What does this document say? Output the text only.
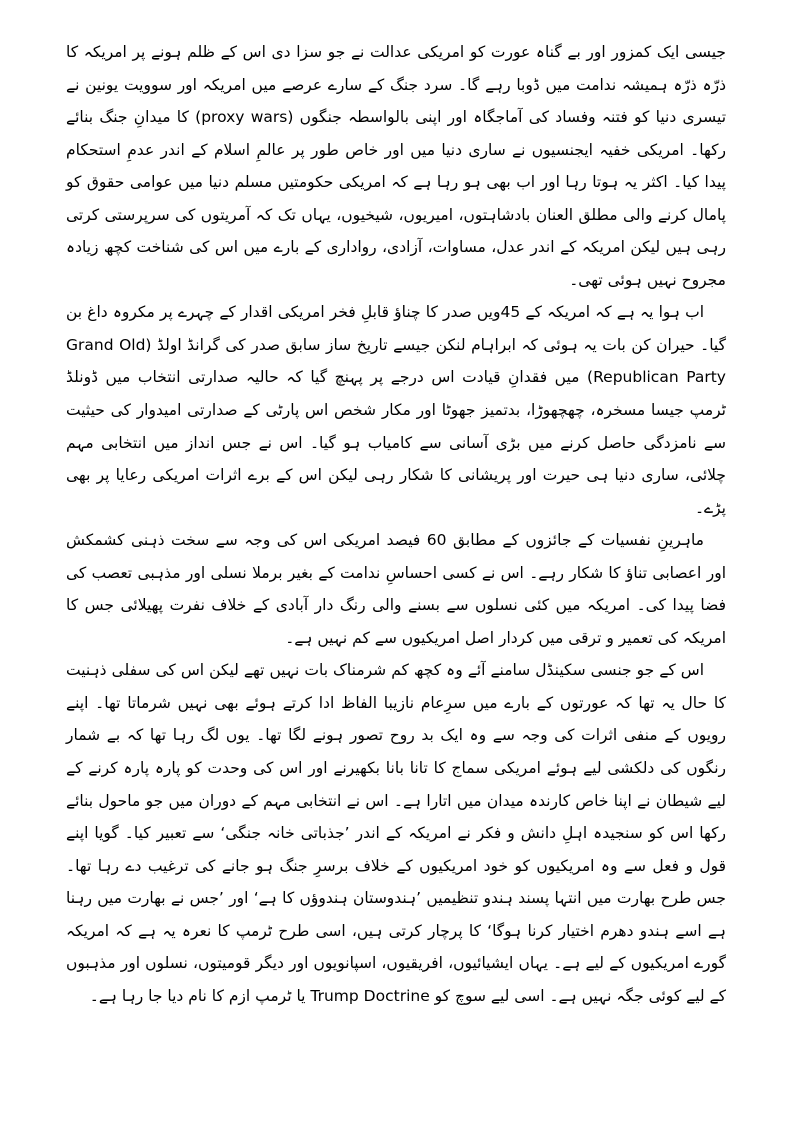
جیسی ایک کمزور اور بے گناہ عورت کو امریکی عدالت نے جو سزا دی اس کے ظلم ہونے پر امریکہ کا ذرّہ ذرّہ ہمیشہ ندامت میں ڈوبا رہے گا۔ سرد جنگ کے سارے عرصے میں امریکہ اور سوویت یونین نے تیسری دنیا کو فتنہ وفساد کی آماجگاہ اور اپنی بالواسطہ جنگوں (proxy wars) کا میدانِ جنگ بنائے رکھا۔ امریکی خفیہ ایجنسیوں نے ساری دنیا میں اور خاص طور پر عالمِ اسلام کے اندر عدمِ استحکام پیدا کیا۔ اکثر یہ ہوتا رہا اور اب بھی ہو رہا ہے کہ امریکی حکومتیں مسلم دنیا میں عوامی حقوق کو پامال کرنے والی مطلق العنان بادشاہتوں، امیریوں، شیخیوں، یہاں تک کہ آمریتوں کی سرپرستی کرتی رہی ہیں لیکن امریکہ کے اندر عدل، مساوات، آزادی، رواداری کے بارے میں اس کی شناخت کچھ زیادہ مجروح نہیں ہوئی تھی۔

اب ہوا یہ ہے کہ امریکہ کے 45ویں صدر کا چناؤ قابلِ فخر امریکی اقدار کے چہرے پر مکروہ داغ بن گیا۔ حیران کن بات یہ ہوئی کہ ابراہام لنکن جیسے تاریخ ساز سابق صدر کی گرانڈ اولڈ (Grand Old Republican Party) میں فقدانِ قیادت اس درجے پر پہنچ گیا کہ حالیہ صدارتی انتخاب میں ڈونلڈ ٹرمپ جیسا مسخرہ، چھچھوڑا، بدتمیز جھوٹا اور مکار شخص اس پارٹی کے صدارتی امیدوار کی حیثیت سے نامزدگی حاصل کرنے میں بڑی آسانی سے کامیاب ہو گیا۔ اس نے جس انداز میں انتخابی مہم چلائی، ساری دنیا ہی حیرت اور پریشانی کا شکار رہی لیکن اس کے برے اثرات امریکی رعایا پر بھی پڑے۔

ماہرینِ نفسیات کے جائزوں کے مطابق 60 فیصد امریکی اس کی وجہ سے سخت ذہنی کشمکش اور اعصابی تناؤ کا شکار رہے۔ اس نے کسی احساسِ ندامت کے بغیر برملا نسلی اور مذہبی تعصب کی فضا پیدا کی۔ امریکہ میں کئی نسلوں سے بسنے والی رنگ دار آبادی کے خلاف نفرت پھیلائی جس کا امریکہ کی تعمیر و ترقی میں کردار اصل امریکیوں سے کم نہیں ہے۔

اس کے جو جنسی سکینڈل سامنے آئے وہ کچھ کم شرمناک بات نہیں تھے لیکن اس کی سفلی ذہنیت کا حال یہ تھا کہ عورتوں کے بارے میں سرِعام نازیبا الفاظ ادا کرتے ہوئے بھی نہیں شرماتا تھا۔ اپنے رویوں کے منفی اثرات کی وجہ سے وہ ایک بد روح تصور ہونے لگا تھا۔ یوں لگ رہا تھا کہ بے شمار رنگوں کی دلکشی لیے ہوئے امریکی سماج کا تانا بانا بکھیرنے اور اس کی وحدت کو پارہ پارہ کرنے کے لیے شیطان نے اپنا خاص کارندہ میدان میں اتارا ہے۔ اس نے انتخابی مہم کے دوران میں جو ماحول بنائے رکھا اس کو سنجیدہ اہلِ دانش و فکر نے امریکہ کے اندر ’جذباتی خانہ جنگی‘ سے تعبیر کیا۔ گویا اپنے قول و فعل سے وہ امریکیوں کو خود امریکیوں کے خلاف برسرِ جنگ ہو جانے کی ترغیب دے رہا تھا۔ جس طرح بھارت میں انتہا پسند ہندو تنظیمیں ’ہندوستان ہندوؤں کا ہے‘ اور ’جس نے بھارت میں رہنا ہے اسے ہندو دھرم اختیار کرنا ہوگا‘ کا پرچار کرتی ہیں، اسی طرح ٹرمپ کا نعرہ یہ ہے کہ امریکہ گورے امریکیوں کے لیے ہے۔ یہاں ایشیائیوں، افریقیوں، اسپانویوں اور دیگر قومیتوں، نسلوں اور مذہبوں کے لیے کوئی جگہ نہیں ہے۔ اسی لیے سوچ کو Trump Doctrine یا ٹرمپ ازم کا نام دیا جا رہا ہے۔
